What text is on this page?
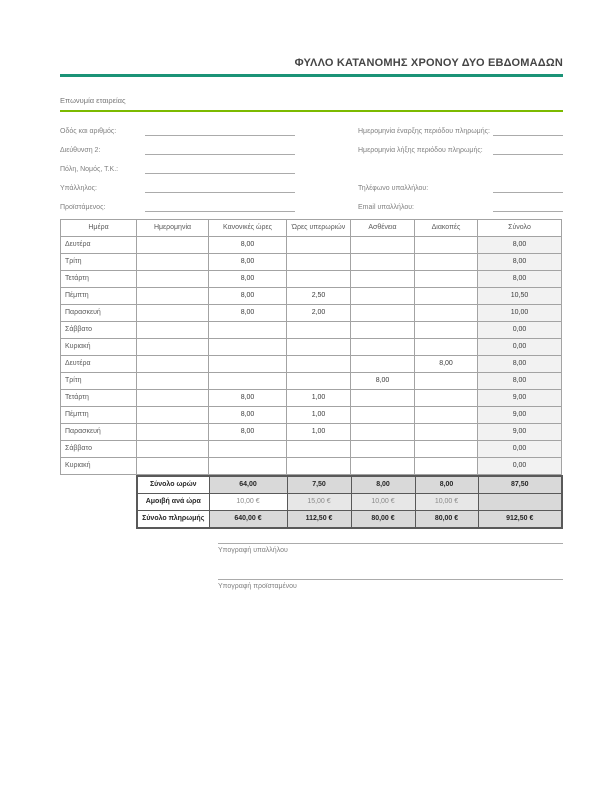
ΦΥΛΛΟ ΚΑΤΑΝΟΜΗΣ ΧΡΟΝΟΥ ΔΥΟ ΕΒΔΟΜΑΔΩΝ
Επωνυμία εταιρείας
Οδός και αριθμός:	Ημερομηνία έναρξης περιόδου πληρωμής:
Διεύθυνση 2:	Ημερομηνία λήξης περιόδου πληρωμής:
Πόλη, Νομός, Τ.Κ.:
Υπάλληλος:	Τηλέφωνο υπαλλήλου:
Προϊστάμενος:	Email υπαλλήλου:
Ημέρα	Ημερομηνία	Κανονικές ώρες	Ώρες υπερωριών	Ασθένεια	Διακοπές	Σύνολο
Δευτέρα		8,00				8,00
Τρίτη		8,00				8,00
Τετάρτη		8,00				8,00
Πέμπτη		8,00	2,50			10,50
Παρασκευή		8,00	2,00			10,00
Σάββατο						0,00
Κυριακή						0,00
Δευτέρα					8,00	8,00
Τρίτη				8,00		8,00
Τετάρτη		8,00	1,00			9,00
Πέμπτη		8,00	1,00			9,00
Παρασκευή		8,00	1,00			9,00
Σάββατο						0,00
Κυριακή						0,00
Σύνολο ωρών	64,00	7,50	8,00	8,00	87,50
Αμοιβή ανά ώρα	10,00 €	15,00 €	10,00 €	10,00 €	
Σύνολο πληρωμής	640,00 €	112,50 €	80,00 €	80,00 €	912,50 €
Υπογραφή υπαλλήλου
Υπογραφή προϊσταμένου
